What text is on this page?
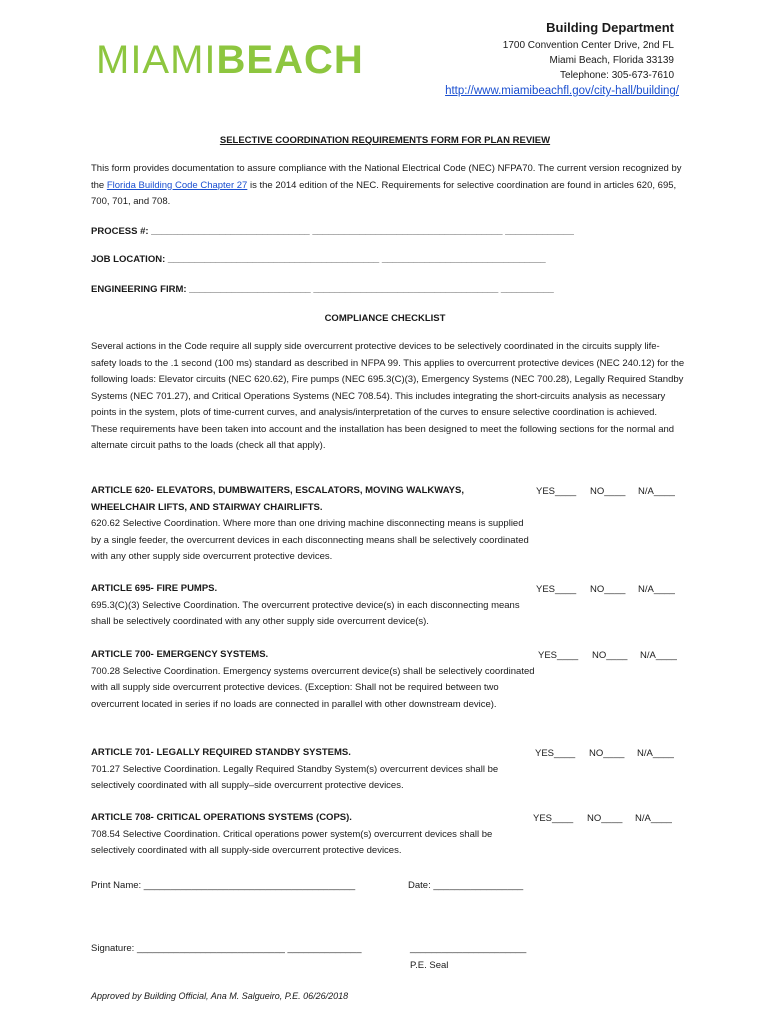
MIAMIBEACH
Building Department
1700 Convention Center Drive, 2nd FL
Miami Beach, Florida 33139
Telephone: 305-673-7610
http://www.miamibeachfl.gov/city-hall/building/
SELECTIVE COORDINATION REQUIREMENTS FORM FOR PLAN REVIEW
This form provides documentation to assure compliance with the National Electrical Code (NEC) NFPA70. The current version recognized by the Florida Building Code Chapter 27 is the 2014 edition of the NEC. Requirements for selective coordination are found in articles 620, 695, 700, 701, and 708.
PROCESS #: ______________________________ ____________________________________ _____________
JOB LOCATION: ________________________________________ _______________________________
ENGINEERING FIRM: _______________________ ___________________________________ __________
COMPLIANCE CHECKLIST
Several actions in the Code require all supply side overcurrent protective devices to be selectively coordinated in the circuits supply life-safety loads to the .1 second (100 ms) standard as described in NFPA 99. This applies to overcurrent protective devices (NEC 240.12) for the following loads: Elevator circuits (NEC 620.62), Fire pumps (NEC 695.3(C)(3), Emergency Systems (NEC 700.28), Legally Required Standby Systems (NEC 701.27), and Critical Operations Systems (NEC 708.54). This includes integrating the short-circuits analysis as necessary points in the system, plots of time-current curves, and analysis/interpretation of the curves to ensure selective coordination is achieved. These requirements have been taken into account and the installation has been designed to meet the following sections for the normal and alternate circuit paths to the loads (check all that apply).
ARTICLE 620- ELEVATORS, DUMBWAITERS, ESCALATORS, MOVING WALKWAYS, WHEELCHAIR LIFTS, AND STAIRWAY CHAIRLIFTS.
620.62 Selective Coordination. Where more than one driving machine disconnecting means is supplied by a single feeder, the overcurrent devices in each disconnecting means shall be selectively coordinated with any other supply side overcurrent protective devices.
YES____ NO____ N/A____
ARTICLE 695- FIRE PUMPS.
695.3(C)(3) Selective Coordination. The overcurrent protective device(s) in each disconnecting means shall be selectively coordinated with any other supply side overcurrent device(s).
YES____ NO____ N/A____
ARTICLE 700- EMERGENCY SYSTEMS.
700.28 Selective Coordination. Emergency systems overcurrent device(s) shall be selectively coordinated with all supply side overcurrent protective devices. (Exception: Shall not be required between two overcurrent located in series if no loads are connected in parallel with other downstream device).
YES____ NO____ N/A____
ARTICLE 701- LEGALLY REQUIRED STANDBY SYSTEMS.
701.27 Selective Coordination. Legally Required Standby System(s) overcurrent devices shall be selectively coordinated with all supply–side overcurrent protective devices.
YES____ NO____ N/A____
ARTICLE 708- CRITICAL OPERATIONS SYSTEMS (COPS).
708.54 Selective Coordination. Critical operations power system(s) overcurrent devices shall be selectively coordinated with all supply-side overcurrent protective devices.
YES____ NO____ N/A____
Print Name: ________________________________________	Date: _________________
Signature: ____________________________ ______________	______________________
P.E. Seal
Approved by Building Official, Ana M. Salgueiro, P.E. 06/26/2018
